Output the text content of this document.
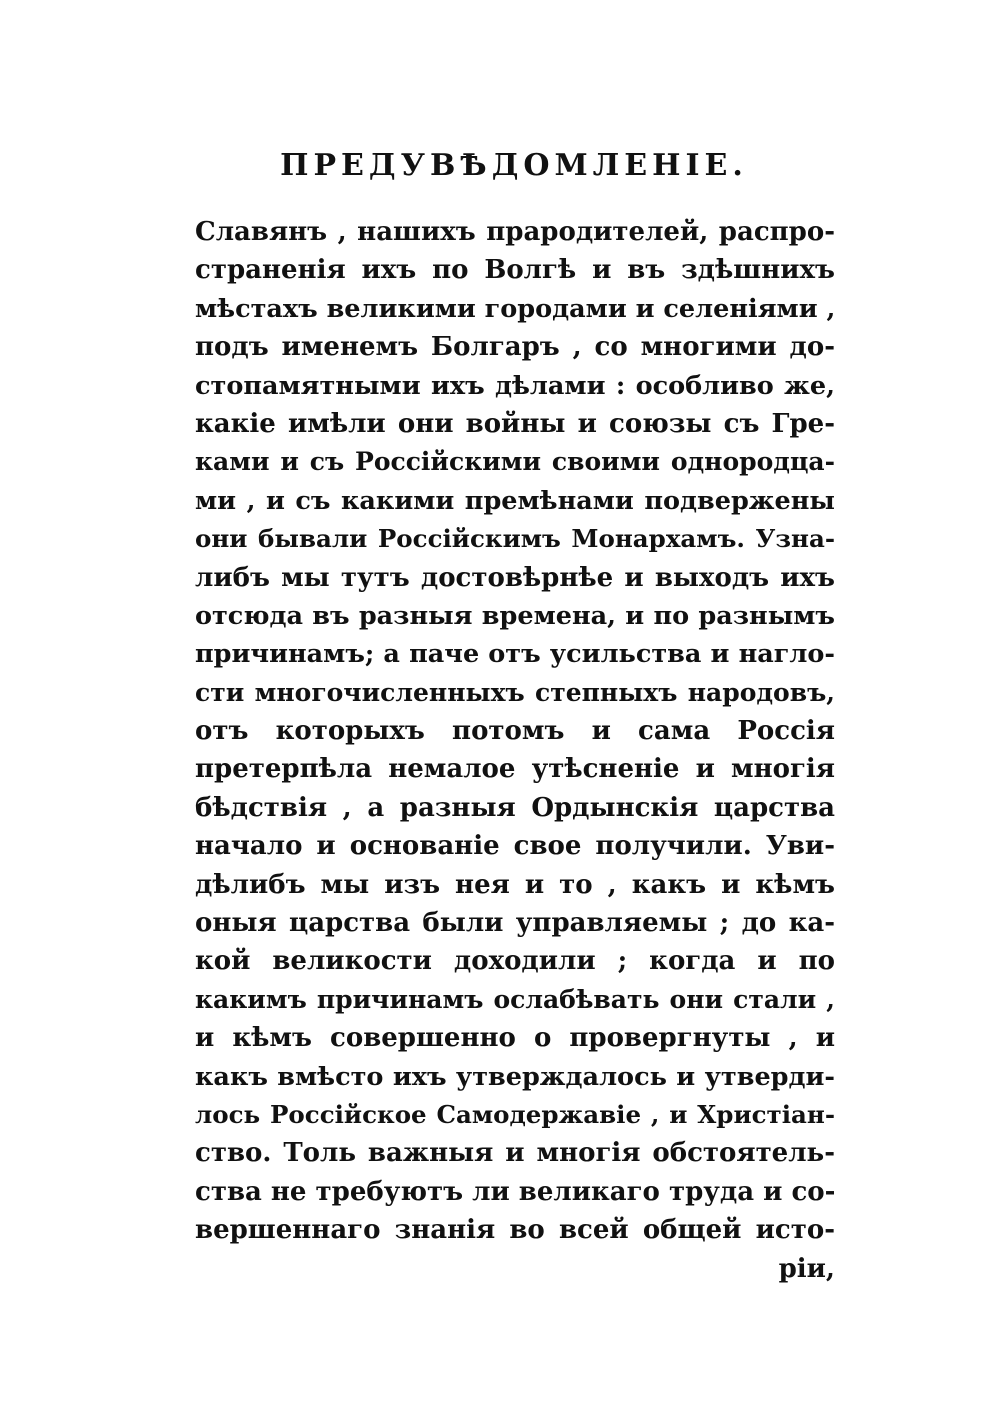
ПРЕДУВѢДОМЛЕНІЕ.
Славянъ , нашихъ прародителей, распро-
страненія ихъ по Волгѣ и въ здѣшнихъ
мѣстахъ великими городами и селеніями ,
подъ именемъ Болгаръ , со многими до-
стопамятными ихъ дѣлами : особливо же,
какіе имѣли они войны и союзы съ Гре-
ками и съ Россійскими своими однородца-
ми , и съ какими премѣнами подвержены
они бывали Россійскимъ Монархамъ. Узна-
либъ мы тутъ достовѣрнѣе и выходъ ихъ
отсюда въ разныя времена, и по разнымъ
причинамъ; а паче отъ усильства и нагло-
сти многочисленныхъ степныхъ народовъ,
отъ которыхъ потомъ и сама Россія
претерпѣла немалое утѣсненіе и многія
бѣдствія , а разныя Ордынскія царства
начало и основаніе свое получили. Уви-
дѣлибъ мы изъ нея и то , какъ и кѣмъ
оныя царства были управляемы ; до ка-
кой великости доходили ; когда и по
какимъ причинамъ ослабѣвать они стали ,
и кѣмъ совершенно о провергнуты , и
какъ вмѣсто ихъ утверждалось и утверди-
лось Россійское Самодержавіе , и Христіан-
ство. Толь важныя и многія обстоятель-
ства не требуютъ ли великаго труда и со-
вершеннаго знанія во всей общей исто-
ріи,
